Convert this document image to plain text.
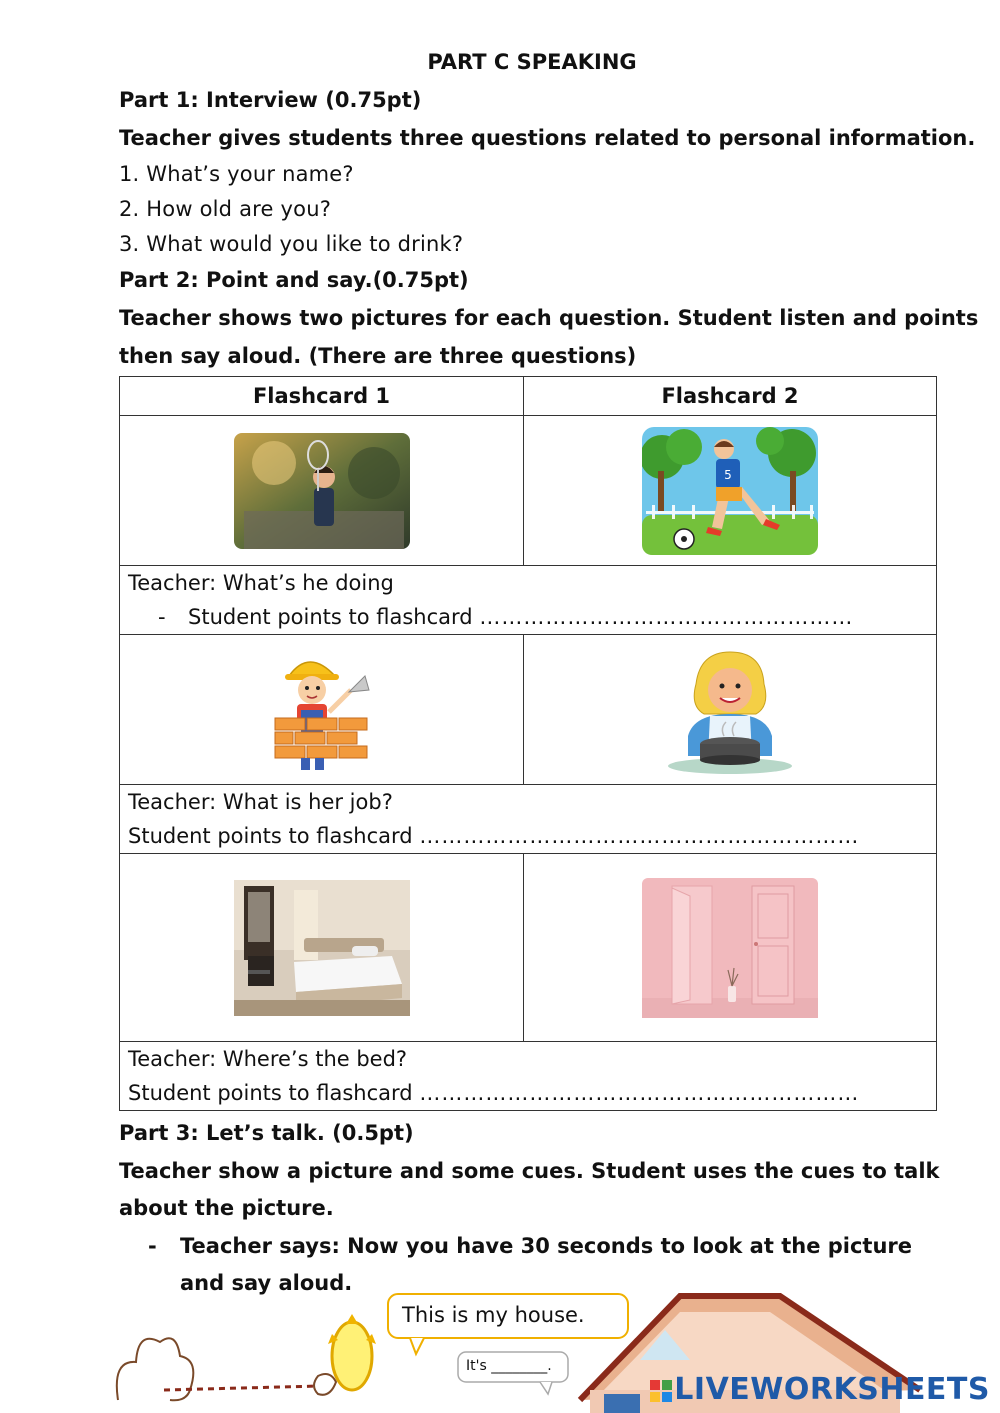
PART C SPEAKING
Part 1: Interview (0.75pt)
Teacher gives students three questions related to personal information.
1. What’s your name?
2. How old are you?
3. What would you like to drink?
Part 2: Point and say.(0.75pt)
Teacher shows two pictures for each question. Student listen and points
then say aloud. (There are three questions)
Flashcard 1	Flashcard 2

5

Teacher: What’s he doing
- Student points to flashcard ……………………………………………	

Teacher: What is her job?
Student points to flashcard ……………………………………………………	

Teacher: Where’s the bed?
Student points to flashcard ……………………………………………………	
Part 3: Let’s talk. (0.5pt)
Teacher show a picture and some cues. Student uses the cues to talk
about the picture.
- Teacher says: Now you have 30 seconds to look at the picture
and say aloud.
This is my house.
It's ________.
LIVEWORKSHEETS
